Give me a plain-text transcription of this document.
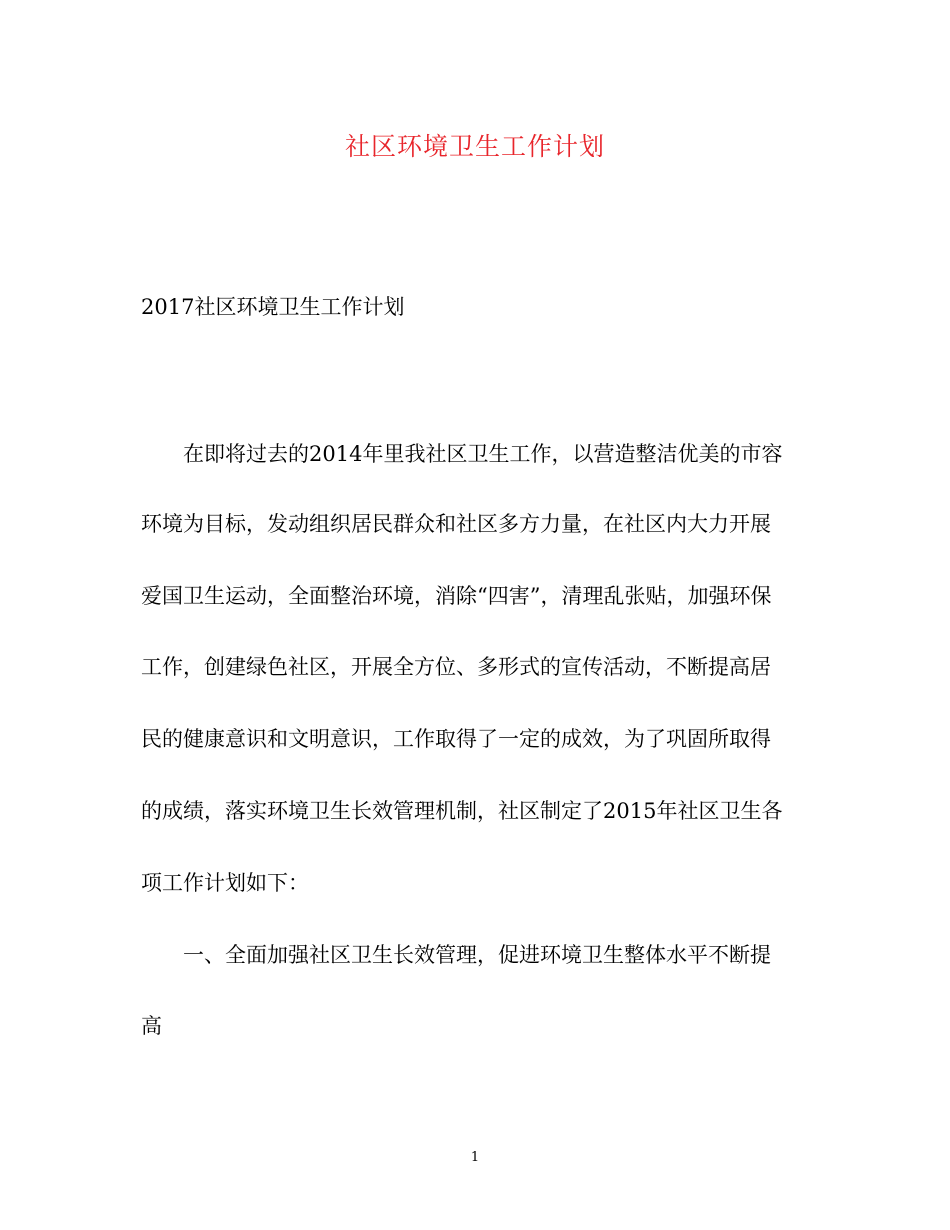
社区环境卫生工作计划
2017社区环境卫生工作计划
在即将过去的2014年里我社区卫生工作，以营造整洁优美的市容
环境为目标，发动组织居民群众和社区多方力量，在社区内大力开展
爱国卫生运动，全面整治环境，消除“四害”，清理乱张贴，加强环保
工作，创建绿色社区，开展全方位、多形式的宣传活动，不断提高居
民的健康意识和文明意识，工作取得了一定的成效，为了巩固所取得
的成绩，落实环境卫生长效管理机制，社区制定了2015年社区卫生各
项工作计划如下：
一、全面加强社区卫生长效管理，促进环境卫生整体水平不断提
高
1
